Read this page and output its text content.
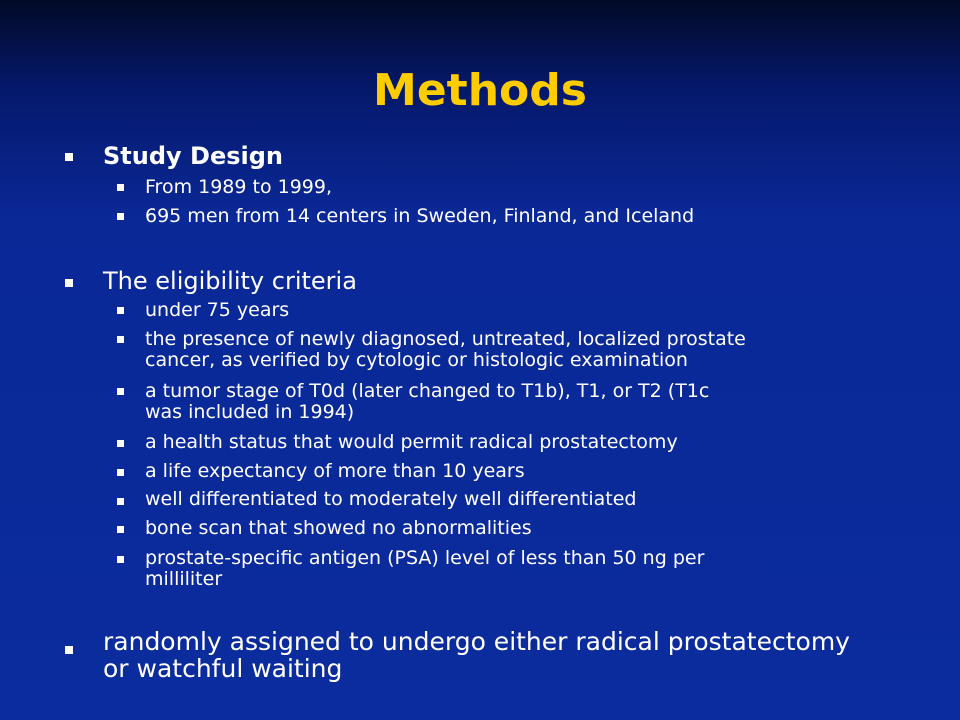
Methods
Study Design
From 1989 to 1999,
695 men from 14 centers in Sweden, Finland, and Iceland
The eligibility criteria
under 75 years
the presence of newly diagnosed, untreated, localized prostate
cancer, as verified by cytologic or histologic examination
a tumor stage of T0d (later changed to T1b), T1, or T2 (T1c
was included in 1994)
a health status that would permit radical prostatectomy
a life expectancy of more than 10 years
well differentiated to moderately well differentiated
bone scan that showed no abnormalities
prostate-specific antigen (PSA) level of less than 50 ng per
milliliter
randomly assigned to undergo either radical prostatectomy
or watchful waiting
